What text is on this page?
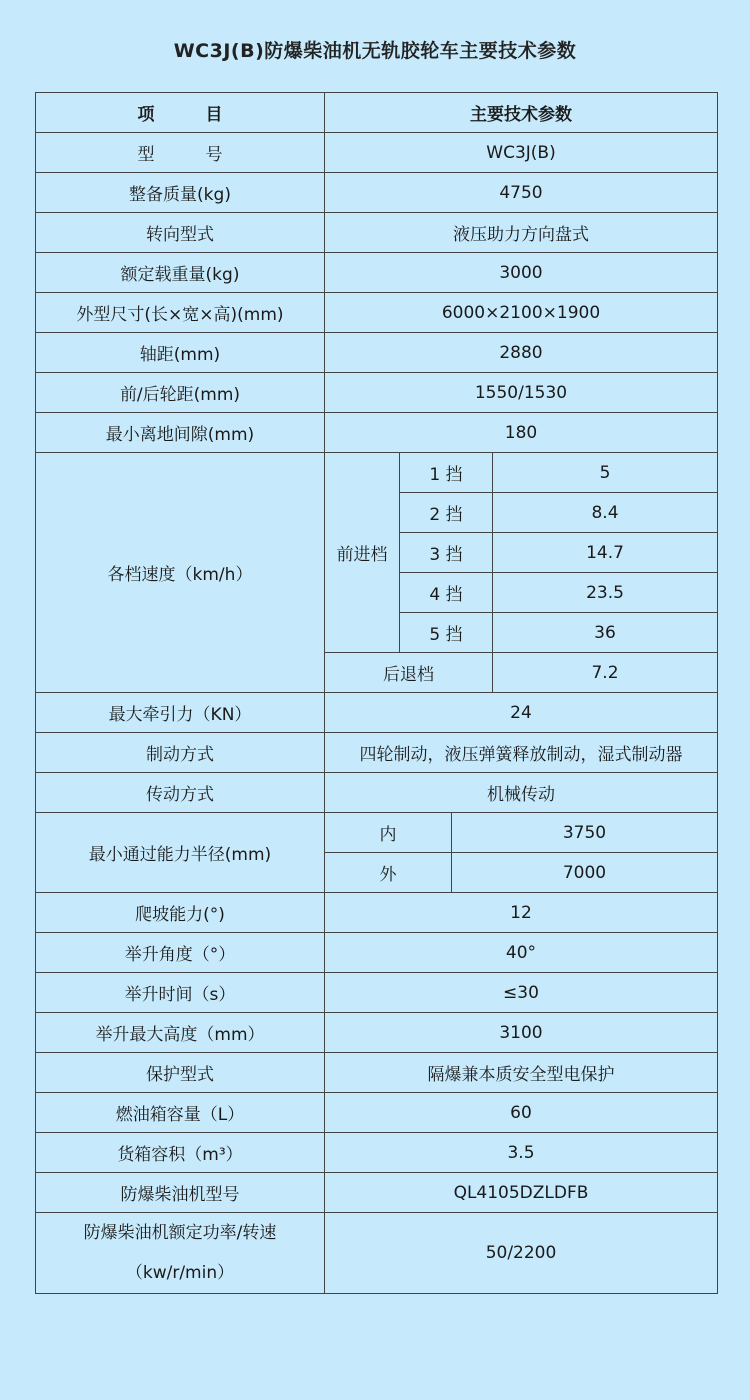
WC3J(B)防爆柴油机无轨胶轮车主要技术参数
项　　　目	主要技术参数			
型　　　号	WC3J(B)			
整备质量(kg)	4750			
转向型式	液压助力方向盘式			
额定载重量(kg)	3000			
外型尺寸(长×宽×高)(mm)	6000×2100×1900			
轴距(mm)	2880			
前/后轮距(mm)	1550/1530			
最小离地间隙(mm)	180			
各档速度（km/h）	前进档	1 挡		5
		2 挡		8.4
		3 挡		14.7
		4 挡		23.5
		5 挡		36
	后退档			7.2
最大牵引力（KN）	24			
制动方式	四轮制动，液压弹簧释放制动，湿式制动器			
传动方式	机械传动			
最小通过能力半径(mm)	内		3750	
	外		7000	
爬坡能力(°)	12			
举升角度（°）	40°			
举升时间（s）	≤30			
举升最大高度（mm）	3100			
保护型式	隔爆兼本质安全型电保护			
燃油箱容量（L）	60			
货箱容积（m³）	3.5			
防爆柴油机型号	QL4105DZLDFB			

防爆柴油机额定功率/转速
（kw/r/min）	50/2200			
